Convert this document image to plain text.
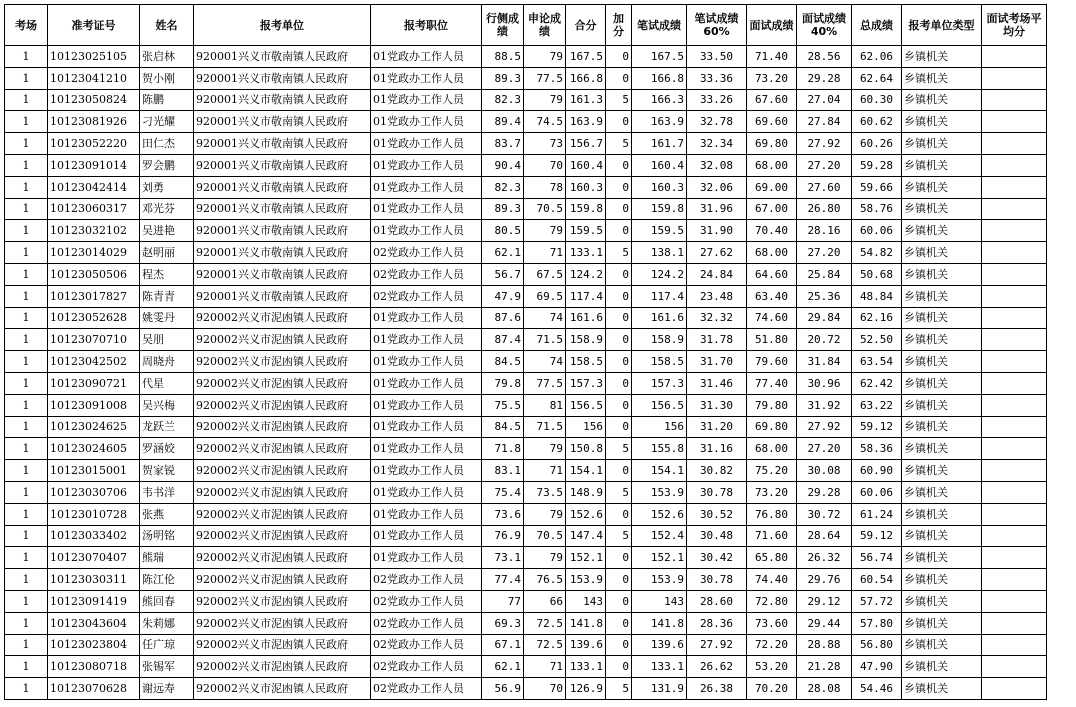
考场	准考证号	姓名	报考单位	报考职位	行侧成绩	申论成绩	合分	加分	笔试成绩	笔试成绩60%	面试成绩	面试成绩40%	总成绩	报考单位类型	面试考场平均分
1	10123025105	张启林	920001兴义市敬南镇人民政府	01党政办工作人员	88.5	79	167.5	0	167.5	33.50	71.40	28.56	62.06	乡镇机关	
1	10123041210	贺小刚	920001兴义市敬南镇人民政府	01党政办工作人员	89.3	77.5	166.8	0	166.8	33.36	73.20	29.28	62.64	乡镇机关	
1	10123050824	陈鹏	920001兴义市敬南镇人民政府	01党政办工作人员	82.3	79	161.3	5	166.3	33.26	67.60	27.04	60.30	乡镇机关	
1	10123081926	刁光耀	920001兴义市敬南镇人民政府	01党政办工作人员	89.4	74.5	163.9	0	163.9	32.78	69.60	27.84	60.62	乡镇机关	
1	10123052220	田仁杰	920001兴义市敬南镇人民政府	01党政办工作人员	83.7	73	156.7	5	161.7	32.34	69.80	27.92	60.26	乡镇机关	
1	10123091014	罗会鹏	920001兴义市敬南镇人民政府	01党政办工作人员	90.4	70	160.4	0	160.4	32.08	68.00	27.20	59.28	乡镇机关	
1	10123042414	刘勇	920001兴义市敬南镇人民政府	01党政办工作人员	82.3	78	160.3	0	160.3	32.06	69.00	27.60	59.66	乡镇机关	
1	10123060317	邓光芬	920001兴义市敬南镇人民政府	01党政办工作人员	89.3	70.5	159.8	0	159.8	31.96	67.00	26.80	58.76	乡镇机关	
1	10123032102	吴进艳	920001兴义市敬南镇人民政府	01党政办工作人员	80.5	79	159.5	0	159.5	31.90	70.40	28.16	60.06	乡镇机关	
1	10123014029	赵明丽	920001兴义市敬南镇人民政府	02党政办工作人员	62.1	71	133.1	5	138.1	27.62	68.00	27.20	54.82	乡镇机关	
1	10123050506	程杰	920001兴义市敬南镇人民政府	02党政办工作人员	56.7	67.5	124.2	0	124.2	24.84	64.60	25.84	50.68	乡镇机关	
1	10123017827	陈青青	920001兴义市敬南镇人民政府	02党政办工作人员	47.9	69.5	117.4	0	117.4	23.48	63.40	25.36	48.84	乡镇机关	
1	10123052628	姚雯丹	920002兴义市泥凼镇人民政府	01党政办工作人员	87.6	74	161.6	0	161.6	32.32	74.60	29.84	62.16	乡镇机关	
1	10123070710	吴朋	920002兴义市泥凼镇人民政府	01党政办工作人员	87.4	71.5	158.9	0	158.9	31.78	51.80	20.72	52.50	乡镇机关	
1	10123042502	周晓舟	920002兴义市泥凼镇人民政府	01党政办工作人员	84.5	74	158.5	0	158.5	31.70	79.60	31.84	63.54	乡镇机关	
1	10123090721	代星	920002兴义市泥凼镇人民政府	01党政办工作人员	79.8	77.5	157.3	0	157.3	31.46	77.40	30.96	62.42	乡镇机关	
1	10123091008	吴兴梅	920002兴义市泥凼镇人民政府	01党政办工作人员	75.5	81	156.5	0	156.5	31.30	79.80	31.92	63.22	乡镇机关	
1	10123024625	龙跃兰	920002兴义市泥凼镇人民政府	01党政办工作人员	84.5	71.5	156	0	156	31.20	69.80	27.92	59.12	乡镇机关	
1	10123024605	罗涵姣	920002兴义市泥凼镇人民政府	01党政办工作人员	71.8	79	150.8	5	155.8	31.16	68.00	27.20	58.36	乡镇机关	
1	10123015001	贺家锐	920002兴义市泥凼镇人民政府	01党政办工作人员	83.1	71	154.1	0	154.1	30.82	75.20	30.08	60.90	乡镇机关	
1	10123030706	韦书洋	920002兴义市泥凼镇人民政府	01党政办工作人员	75.4	73.5	148.9	5	153.9	30.78	73.20	29.28	60.06	乡镇机关	
1	10123010728	张燕	920002兴义市泥凼镇人民政府	01党政办工作人员	73.6	79	152.6	0	152.6	30.52	76.80	30.72	61.24	乡镇机关	
1	10123033402	汤明铭	920002兴义市泥凼镇人民政府	01党政办工作人员	76.9	70.5	147.4	5	152.4	30.48	71.60	28.64	59.12	乡镇机关	
1	10123070407	熊瑞	920002兴义市泥凼镇人民政府	01党政办工作人员	73.1	79	152.1	0	152.1	30.42	65.80	26.32	56.74	乡镇机关	
1	10123030311	陈江伦	920002兴义市泥凼镇人民政府	02党政办工作人员	77.4	76.5	153.9	0	153.9	30.78	74.40	29.76	60.54	乡镇机关	
1	10123091419	熊回春	920002兴义市泥凼镇人民政府	02党政办工作人员	77	66	143	0	143	28.60	72.80	29.12	57.72	乡镇机关	
1	10123043604	朱莉娜	920002兴义市泥凼镇人民政府	02党政办工作人员	69.3	72.5	141.8	0	141.8	28.36	73.60	29.44	57.80	乡镇机关	
1	10123023804	任广琼	920002兴义市泥凼镇人民政府	02党政办工作人员	67.1	72.5	139.6	0	139.6	27.92	72.20	28.88	56.80	乡镇机关	
1	10123080718	张锡军	920002兴义市泥凼镇人民政府	02党政办工作人员	62.1	71	133.1	0	133.1	26.62	53.20	21.28	47.90	乡镇机关	
1	10123070628	谢远寿	920002兴义市泥凼镇人民政府	02党政办工作人员	56.9	70	126.9	5	131.9	26.38	70.20	28.08	54.46	乡镇机关	
